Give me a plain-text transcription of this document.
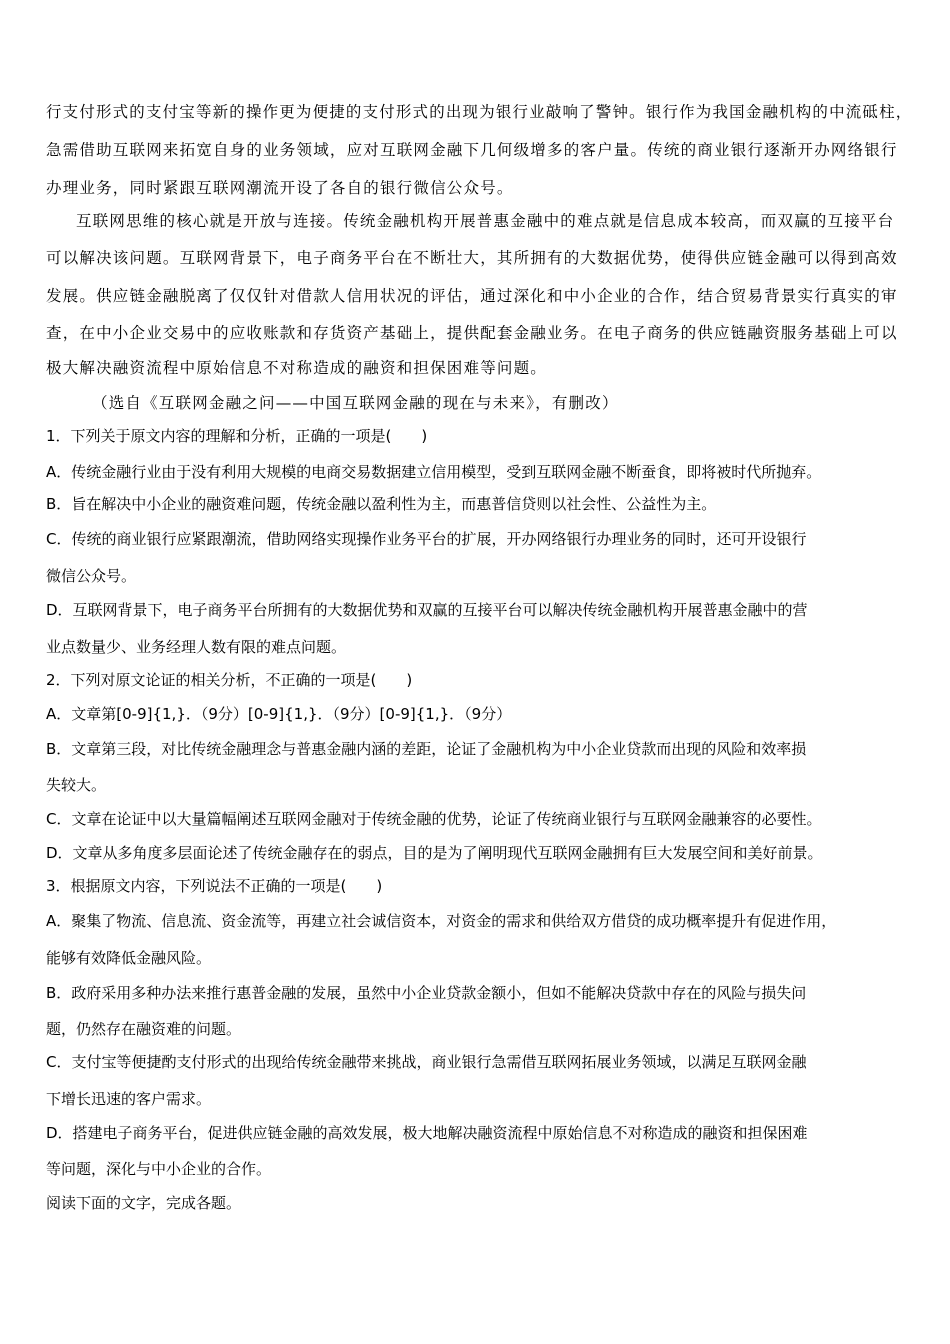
行支付形式的支付宝等新的操作更为便捷的支付形式的出现为银行业敲响了警钟。银行作为我国金融机构的中流砥柱，
急需借助互联网来拓宽自身的业务领域，应对互联网金融下几何级增多的客户量。传统的商业银行逐渐开办网络银行
办理业务，同时紧跟互联网潮流开设了各自的银行微信公众号。
互联网思维的核心就是开放与连接。传统金融机构开展普惠金融中的难点就是信息成本较高，而双赢的互接平台
可以解决该问题。互联网背景下，电子商务平台在不断壮大，其所拥有的大数据优势，使得供应链金融可以得到高效
发展。供应链金融脱离了仅仅针对借款人信用状况的评估，通过深化和中小企业的合作，结合贸易背景实行真实的审
查，在中小企业交易中的应收账款和存货资产基础上，提供配套金融业务。在电子商务的供应链融资服务基础上可以
极大解决融资流程中原始信息不对称造成的融资和担保困难等问题。
（选自《互联网金融之问——中国互联网金融的现在与未来》，有删改）
1．下列关于原文内容的理解和分析，正确的一项是(　　)
A．传统金融行业由于没有利用大规模的电商交易数据建立信用模型，受到互联网金融不断蚕食，即将被时代所抛弃。
B．旨在解决中小企业的融资难问题，传统金融以盈利性为主，而惠普信贷则以社会性、公益性为主。
C．传统的商业银行应紧跟潮流，借助网络实现操作业务平台的扩展，开办网络银行办理业务的同时，还可开设银行
微信公众号。
D．互联网背景下，电子商务平台所拥有的大数据优势和双赢的互接平台可以解决传统金融机构开展普惠金融中的营
业点数量少、业务经理人数有限的难点问题。
2．下列对原文论证的相关分析，不正确的一项是(　　)
A．文章第[0-9]{1,}．（9分）[0-9]{1,}．（9分）[0-9]{1,}．（9分）
B．文章第三段，对比传统金融理念与普惠金融内涵的差距，论证了金融机构为中小企业贷款而出现的风险和效率损
失较大。
C．文章在论证中以大量篇幅阐述互联网金融对于传统金融的优势，论证了传统商业银行与互联网金融兼容的必要性。
D．文章从多角度多层面论述了传统金融存在的弱点，目的是为了阐明现代互联网金融拥有巨大发展空间和美好前景。
3．根据原文内容，下列说法不正确的一项是(　　)
A．聚集了物流、信息流、资金流等，再建立社会诚信资本，对资金的需求和供给双方借贷的成功概率提升有促进作用，
能够有效降低金融风险。
B．政府采用多种办法来推行惠普金融的发展，虽然中小企业贷款金额小，但如不能解决贷款中存在的风险与损失问
题，仍然存在融资难的问题。
C．支付宝等便捷酌支付形式的出现给传统金融带来挑战，商业银行急需借互联网拓展业务领域，以满足互联网金融
下增长迅速的客户需求。
D．搭建电子商务平台，促进供应链金融的高效发展，极大地解决融资流程中原始信息不对称造成的融资和担保困难
等问题，深化与中小企业的合作。
阅读下面的文字，完成各题。
